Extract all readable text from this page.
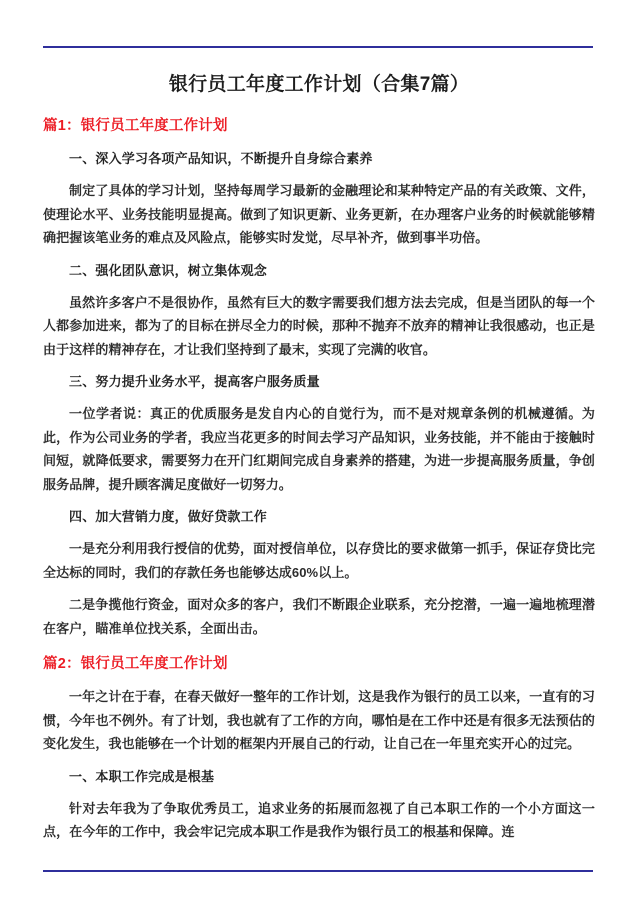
银行员工年度工作计划（合集7篇）
篇1：银行员工年度工作计划

一、深入学习各项产品知识，不断提升自身综合素养

制定了具体的学习计划，坚持每周学习最新的金融理论和某种特定产品的有关政策、文件，使理论水平、业务技能明显提高。做到了知识更新、业务更新，在办理客户业务的时候就能够精确把握该笔业务的难点及风险点，能够实时发觉，尽早补齐，做到事半功倍。

二、强化团队意识，树立集体观念

虽然许多客户不是很协作，虽然有巨大的数字需要我们想方法去完成，但是当团队的每一个人都参加进来，都为了的目标在拼尽全力的时候，那种不抛弃不放弃的精神让我很感动，也正是由于这样的精神存在，才让我们坚持到了最末，实现了完满的收官。

三、努力提升业务水平，提高客户服务质量

一位学者说：真正的优质服务是发自内心的自觉行为，而不是对规章条例的机械遵循。为此，作为公司业务的学者，我应当花更多的时间去学习产品知识，业务技能，并不能由于接触时间短，就降低要求，需要努力在开门红期间完成自身素养的搭建，为进一步提高服务质量，争创服务品牌，提升顾客满足度做好一切努力。

四、加大营销力度，做好贷款工作

一是充分利用我行授信的优势，面对授信单位，以存贷比的要求做第一抓手，保证存贷比完全达标的同时，我们的存款任务也能够达成60%以上。

二是争揽他行资金，面对众多的客户，我们不断跟企业联系，充分挖潜，一遍一遍地梳理潜在客户，瞄准单位找关系，全面出击。

篇2：银行员工年度工作计划

一年之计在于春，在春天做好一整年的工作计划，这是我作为银行的员工以来，一直有的习惯，今年也不例外。有了计划，我也就有了工作的方向，哪怕是在工作中还是有很多无法预估的变化发生，我也能够在一个计划的框架内开展自己的行动，让自己在一年里充实开心的过完。

一、本职工作完成是根基

针对去年我为了争取优秀员工，追求业务的拓展而忽视了自己本职工作的一个小方面这一点，在今年的工作中，我会牢记完成本职工作是我作为银行员工的根基和保障。连
